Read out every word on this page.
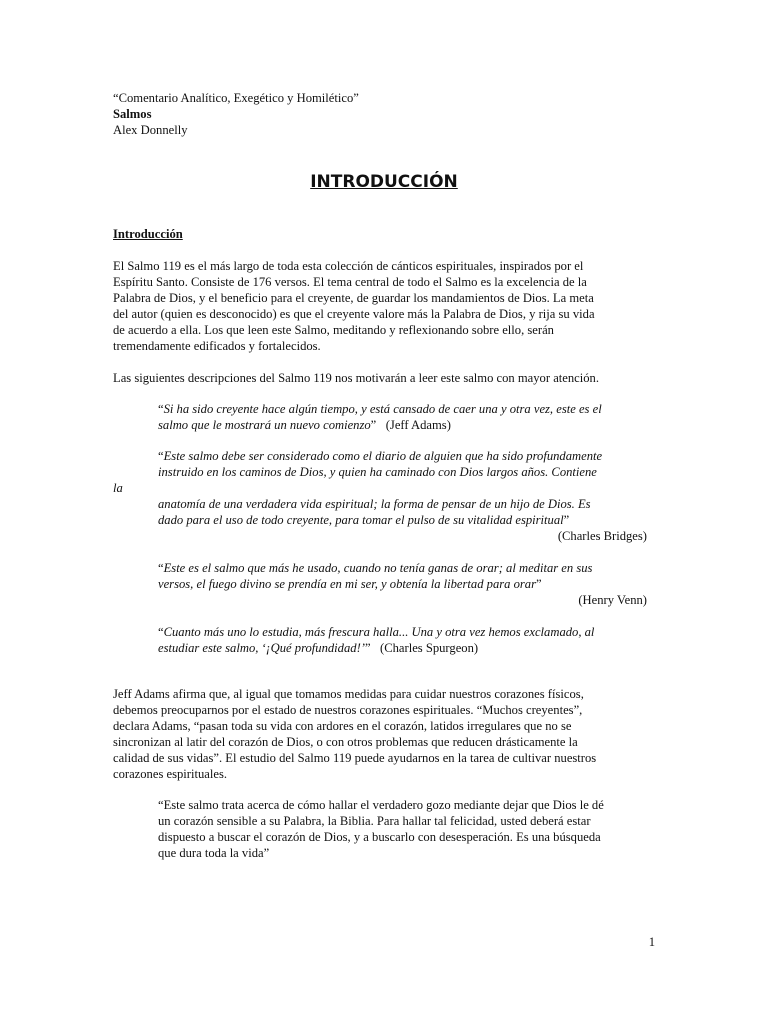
“Comentario Analítico, Exegético y Homilético”
Salmos
Alex Donnelly
INTRODUCCIÓN
Introducción
El Salmo 119 es el más largo de toda esta colección de cánticos espirituales, inspirados por el
Espíritu Santo. Consiste de 176 versos. El tema central de todo el Salmo es la excelencia de la
Palabra de Dios, y el beneficio para el creyente, de guardar los mandamientos de Dios. La meta
del autor (quien es desconocido) es que el creyente valore más la Palabra de Dios, y rija su vida
de acuerdo a ella. Los que leen este Salmo, meditando y reflexionando sobre ello, serán
tremendamente edificados y fortalecidos.
Las siguientes descripciones del Salmo 119 nos motivarán a leer este salmo con mayor atención.
“Si ha sido creyente hace algún tiempo, y está cansado de caer una y otra vez, este es el
salmo que le mostrará un nuevo comienzo” (Jeff Adams)
“Este salmo debe ser considerado como el diario de alguien que ha sido profundamente
instruido en los caminos de Dios, y quien ha caminado con Dios largos años. Contiene
la
anatomía de una verdadera vida espiritual; la forma de pensar de un hijo de Dios. Es
dado para el uso de todo creyente, para tomar el pulso de su vitalidad espiritual”
(Charles Bridges)
“Este es el salmo que más he usado, cuando no tenía ganas de orar; al meditar en sus
versos, el fuego divino se prendía en mi ser, y obtenía la libertad para orar”
(Henry Venn)
“Cuanto más uno lo estudia, más frescura halla... Una y otra vez hemos exclamado, al
estudiar este salmo, ‘¡Qué profundidad!’” (Charles Spurgeon)
Jeff Adams afirma que, al igual que tomamos medidas para cuidar nuestros corazones físicos,
debemos preocuparnos por el estado de nuestros corazones espirituales. “Muchos creyentes”,
declara Adams, “pasan toda su vida con ardores en el corazón, latidos irregulares que no se
sincronizan al latir del corazón de Dios, o con otros problemas que reducen drásticamente la
calidad de sus vidas”. El estudio del Salmo 119 puede ayudarnos en la tarea de cultivar nuestros
corazones espirituales.
“Este salmo trata acerca de cómo hallar el verdadero gozo mediante dejar que Dios le dé
un corazón sensible a su Palabra, la Biblia. Para hallar tal felicidad, usted deberá estar
dispuesto a buscar el corazón de Dios, y a buscarlo con desesperación. Es una búsqueda
que dura toda la vida”
1
